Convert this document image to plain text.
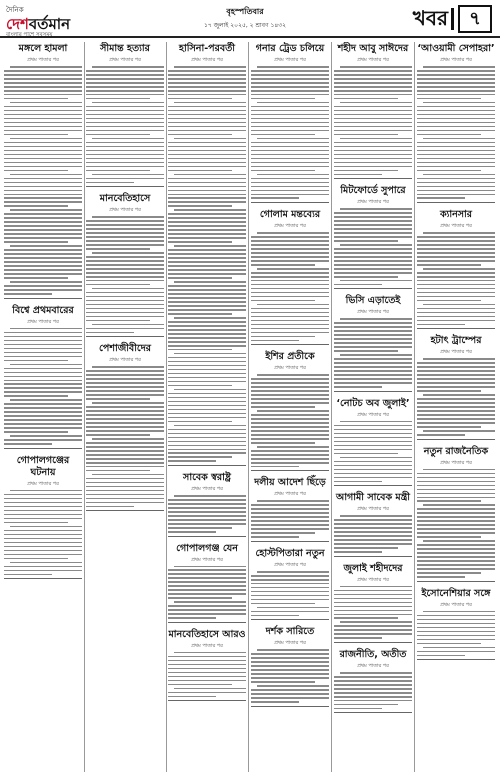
দৈনিক
দেশবর্তমান
বাংলার পাশে সবসময়
বৃহস্পতিবার
১৭ জুলাই ২০২৫, ২ শ্রাবণ ১৪৩২	খবর	৭
মঙ্গলে হামলা
প্রথম পাতার পর
বিশ্বে প্রথমবারের
প্রথম পাতার পর
গোপালগঞ্জের ঘটনায়
প্রথম পাতার পর
সীমান্ত হত্যার
প্রথম পাতার পর
মানবেতিহাসে
প্রথম পাতার পর
পেশাজীবীদের
প্রথম পাতার পর
হাসিনা-পরবর্তী
প্রথম পাতার পর
সাবেক স্বরাষ্ট্র
প্রথম পাতার পর
গোপালগঞ্জ যেন
প্রথম পাতার পর
মানবেতিহাসে আরও
প্রথম পাতার পর
গনার ট্রেড চলিয়ে
প্রথম পাতার পর
গোলাম মন্তব্যের
প্রথম পাতার পর
ইশির প্রতীকে
প্রথম পাতার পর
দলীয় আদেশ ছিঁড়ে
প্রথম পাতার পর
হোস্টপিতারা নতুন
প্রথম পাতার পর
দর্শক সারিতে
প্রথম পাতার পর
শহীদ আবু সাঈদের
প্রথম পাতার পর
মিটফোর্ডে সুপারে
প্রথম পাতার পর
ভিসি এড়াতেই
প্রথম পাতার পর
‘নোটচ অব জুলাই’
প্রথম পাতার পর
আগামী সাবেক মন্ত্রী
প্রথম পাতার পর
জুলাই শহীদদের
প্রথম পাতার পর
রাজনীতি, অতীত
প্রথম পাতার পর
‘আওয়ামী সেপাহরা’
প্রথম পাতার পর
ক্যানসার
প্রথম পাতার পর
হটাৎ ট্রাম্পের
প্রথম পাতার পর
নতুন রাজনৈতিক
প্রথম পাতার পর
ইসোনেশিয়ার সঙ্গে
প্রথম পাতার পর
